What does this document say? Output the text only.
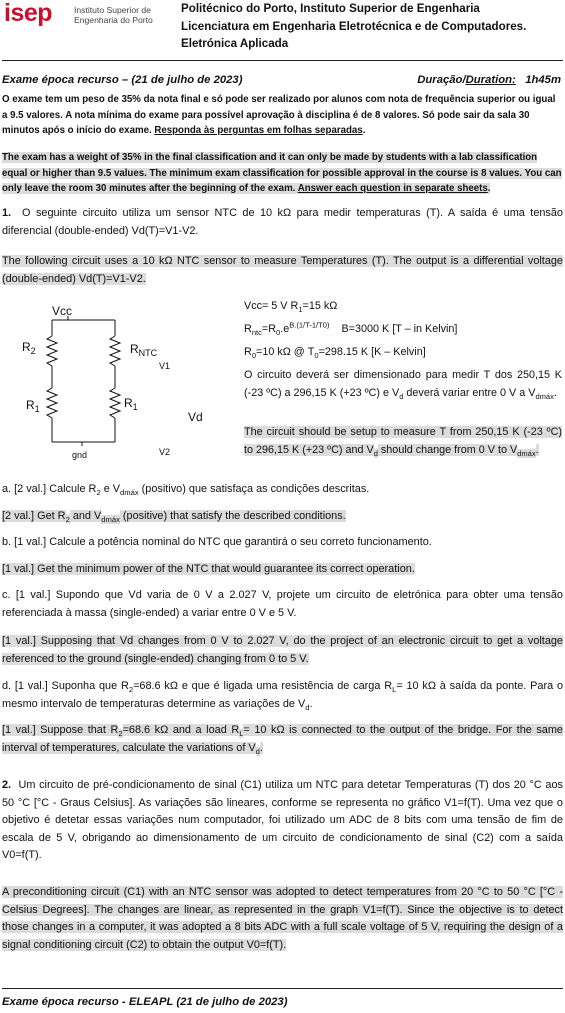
isep	Instituto Superior de
Engenharia do Porto
Politécnico do Porto, Instituto Superior de Engenharia
Licenciatura em Engenharia Eletrotécnica e de Computadores.
Eletrónica Aplicada
Exame época recurso – (21 de julho de 2023)	Duração/Duration: 1h45m
O exame tem um peso de 35% da nota final e só pode ser realizado por alunos com nota de frequência superior ou igual a 9.5 valores. A nota mínima do exame para possível aprovação à disciplina é de 8 valores. Só pode sair da sala 30 minutos após o início do exame. Responda às perguntas em folhas separadas.
The exam has a weight of 35% in the final classification and it can only be made by students with a lab classification equal or higher than 9.5 values. The minimum exam classification for possible approval in the course is 8 values. You can only leave the room 30 minutes after the beginning of the exam. Answer each question in separate sheets.
1. O seguinte circuito utiliza um sensor NTC de 10 kΩ para medir temperaturas (T). A saída é uma tensão diferencial (double-ended) Vd(T)=V1-V2.
The following circuit uses a 10 kΩ NTC sensor to measure Temperatures (T). The output is a differential voltage (double-ended) Vd(T)=V1-V2.
Vcc
$R_2$	$R_{NTC}$
V1
$R_1$	$R_1$
Vd
gnd	V2
Vcc= 5 V $R_1=15$ kΩ
$R_{ntc}=R_0.e^{B.(1/T-1/T0)}$ B=3000 K [T – in Kelvin]
$R_0=10$ kΩ @ $T_0=298.15$ K [K – Kelvin]
O circuito deverá ser dimensionado para medir T dos 250,15 K (-23 ºC) a 296,15 K (+23 ºC) e $V_d$ deverá variar entre 0 V a $V_{dmáx}$.
The circuit should be setup to measure T from 250,15 K (-23 ºC) to 296,15 K (+23 ºC) and $V_d$ should change from 0 V to $V_{dmáx}$.
a. [2 val.] Calcule $R_2$ e $V_{dmáx}$ (positivo) que satisfaça as condições descritas.
[2 val.] Get $R_2$ and $V_{dmáx}$ (positive) that satisfy the described conditions.
b. [1 val.] Calcule a potência nominal do NTC que garantirá o seu correto funcionamento.
[1 val.] Get the minimum power of the NTC that would guarantee its correct operation.
c. [1 val.] Supondo que Vd varia de 0 V a 2.027 V, projete um circuito de eletrónica para obter uma tensão referenciada à massa (single-ended) a variar entre 0 V e 5 V.
[1 val.] Supposing that Vd changes from 0 V to 2.027 V, do the project of an electronic circuit to get a voltage referenced to the ground (single-ended) changing from 0 to 5 V.
d. [1 val.] Suponha que $R_2=68.6$ kΩ e que é ligada uma resistência de carga $R_L= 10$ kΩ à saída da ponte. Para o mesmo intervalo de temperaturas determine as variações de $V_d$.
[1 val.] Suppose that $R_2=68.6$ kΩ and a load $R_L= 10$ kΩ is connected to the output of the bridge. For the same interval of temperatures, calculate the variations of $V_d$.
2. Um circuito de pré-condicionamento de sinal (C1) utiliza um NTC para detetar Temperaturas (T) dos 20 °C aos 50 °C [°C - Graus Celsius]. As variações são lineares, conforme se representa no gráfico V1=f(T). Uma vez que o objetivo é detetar essas variações num computador, foi utilizado um ADC de 8 bits com uma tensão de fim de escala de 5 V, obrigando ao dimensionamento de um circuito de condicionamento de sinal (C2) com a saída V0=f(T).
A preconditioning circuit (C1) with an NTC sensor was adopted to detect temperatures from 20 °C to 50 °C [°C - Celsius Degrees]. The changes are linear, as represented in the graph V1=f(T). Since the objective is to detect those changes in a computer, it was adopted a 8 bits ADC with a full scale voltage of 5 V, requiring the design of a signal conditioning circuit (C2) to obtain the output V0=f(T).
Exame época recurso - ELEAPL (21 de julho de 2023)
